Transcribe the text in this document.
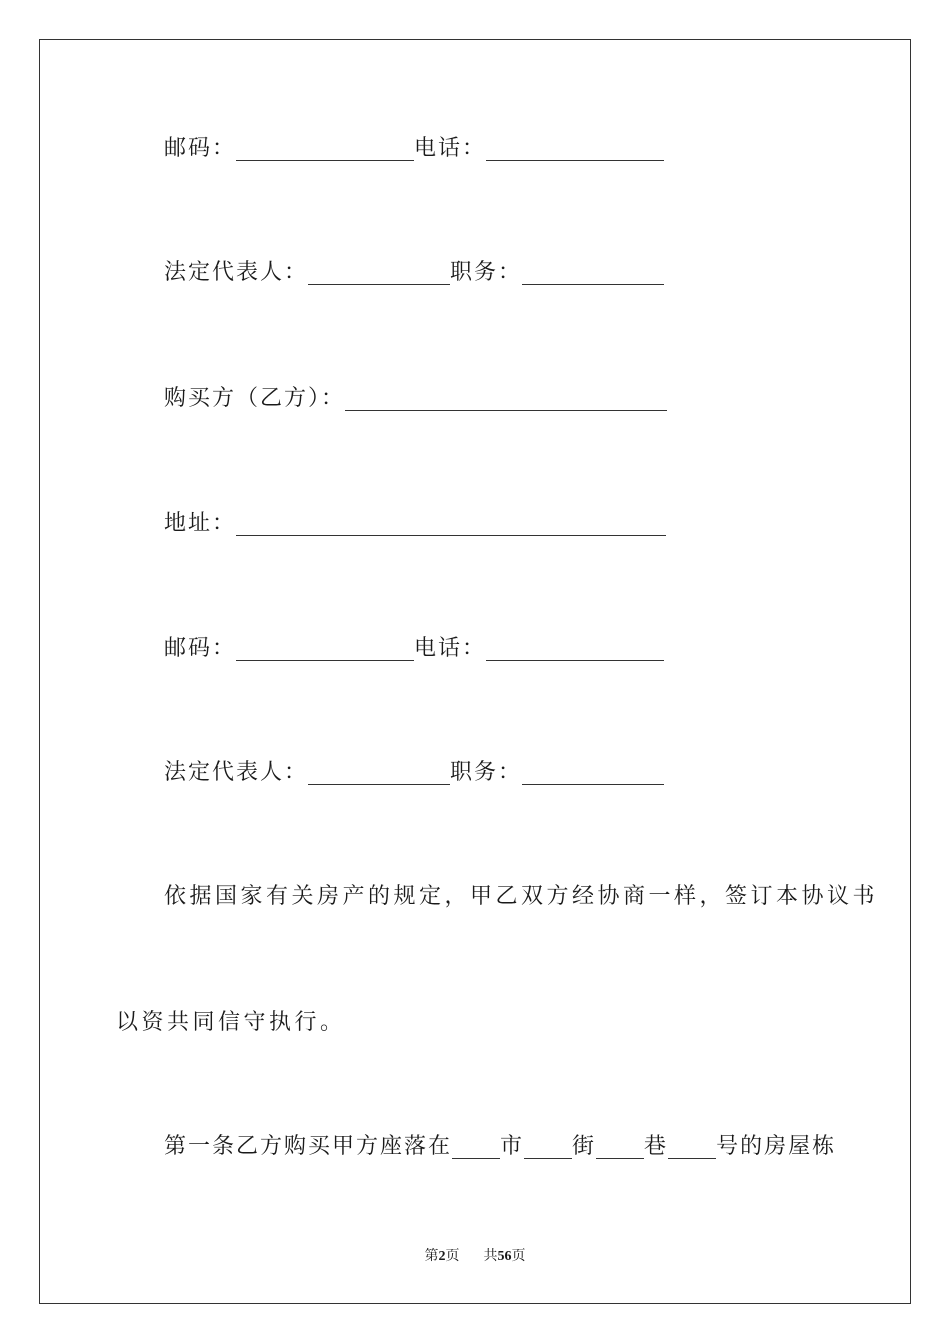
邮码：	电话：
法定代表人：	职务：
购买方（乙方）：
地址：
邮码：	电话：
法定代表人：	职务：
依据国家有关房产的规定，甲乙双方经协商一样，签订本协议书
以资共同信守执行。
第一条乙方购买甲方座落在 市 街 巷 号的房屋栋
第2页 共56页
